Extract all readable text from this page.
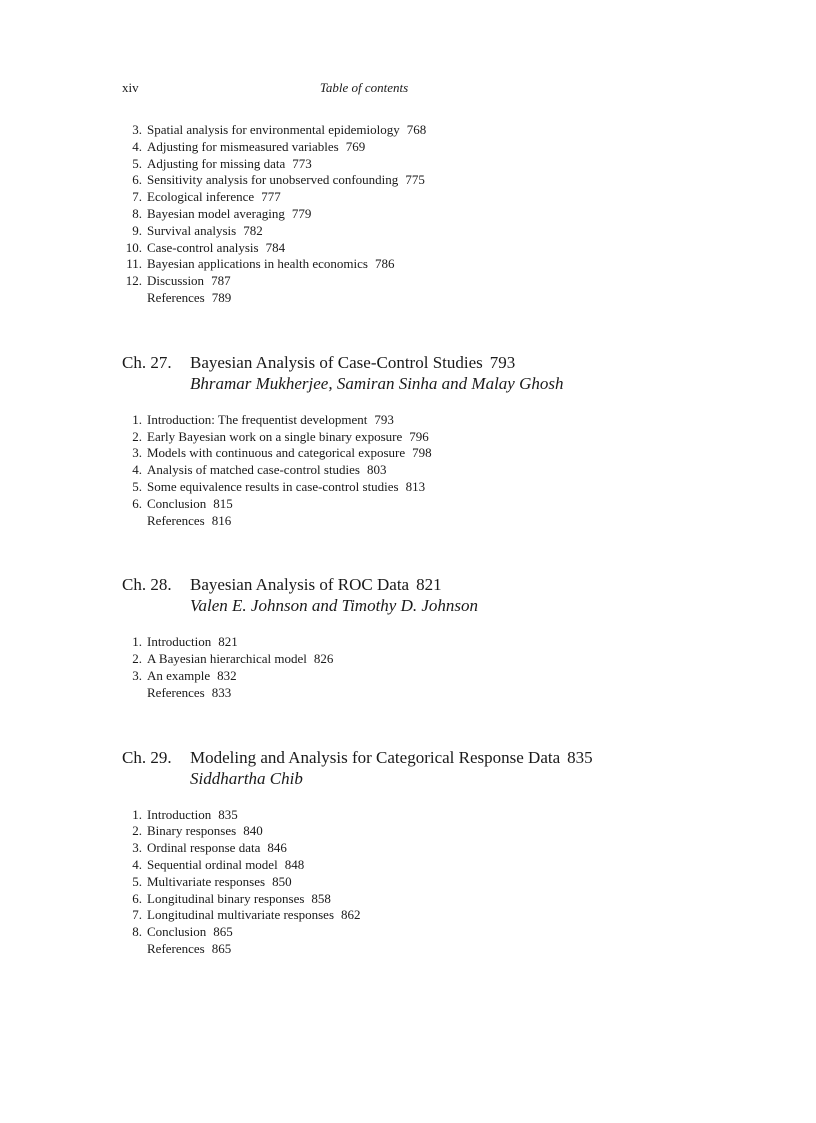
xiv	Table of contents
3. Spatial analysis for environmental epidemiology 768
4. Adjusting for mismeasured variables 769
5. Adjusting for missing data 773
6. Sensitivity analysis for unobserved confounding 775
7. Ecological inference 777
8. Bayesian model averaging 779
9. Survival analysis 782
10. Case-control analysis 784
11. Bayesian applications in health economics 786
12. Discussion 787
References 789
Ch. 27. Bayesian Analysis of Case-Control Studies 793
Bhramar Mukherjee, Samiran Sinha and Malay Ghosh
1. Introduction: The frequentist development 793
2. Early Bayesian work on a single binary exposure 796
3. Models with continuous and categorical exposure 798
4. Analysis of matched case-control studies 803
5. Some equivalence results in case-control studies 813
6. Conclusion 815
References 816
Ch. 28. Bayesian Analysis of ROC Data 821
Valen E. Johnson and Timothy D. Johnson
1. Introduction 821
2. A Bayesian hierarchical model 826
3. An example 832
References 833
Ch. 29. Modeling and Analysis for Categorical Response Data 835
Siddhartha Chib
1. Introduction 835
2. Binary responses 840
3. Ordinal response data 846
4. Sequential ordinal model 848
5. Multivariate responses 850
6. Longitudinal binary responses 858
7. Longitudinal multivariate responses 862
8. Conclusion 865
References 865
